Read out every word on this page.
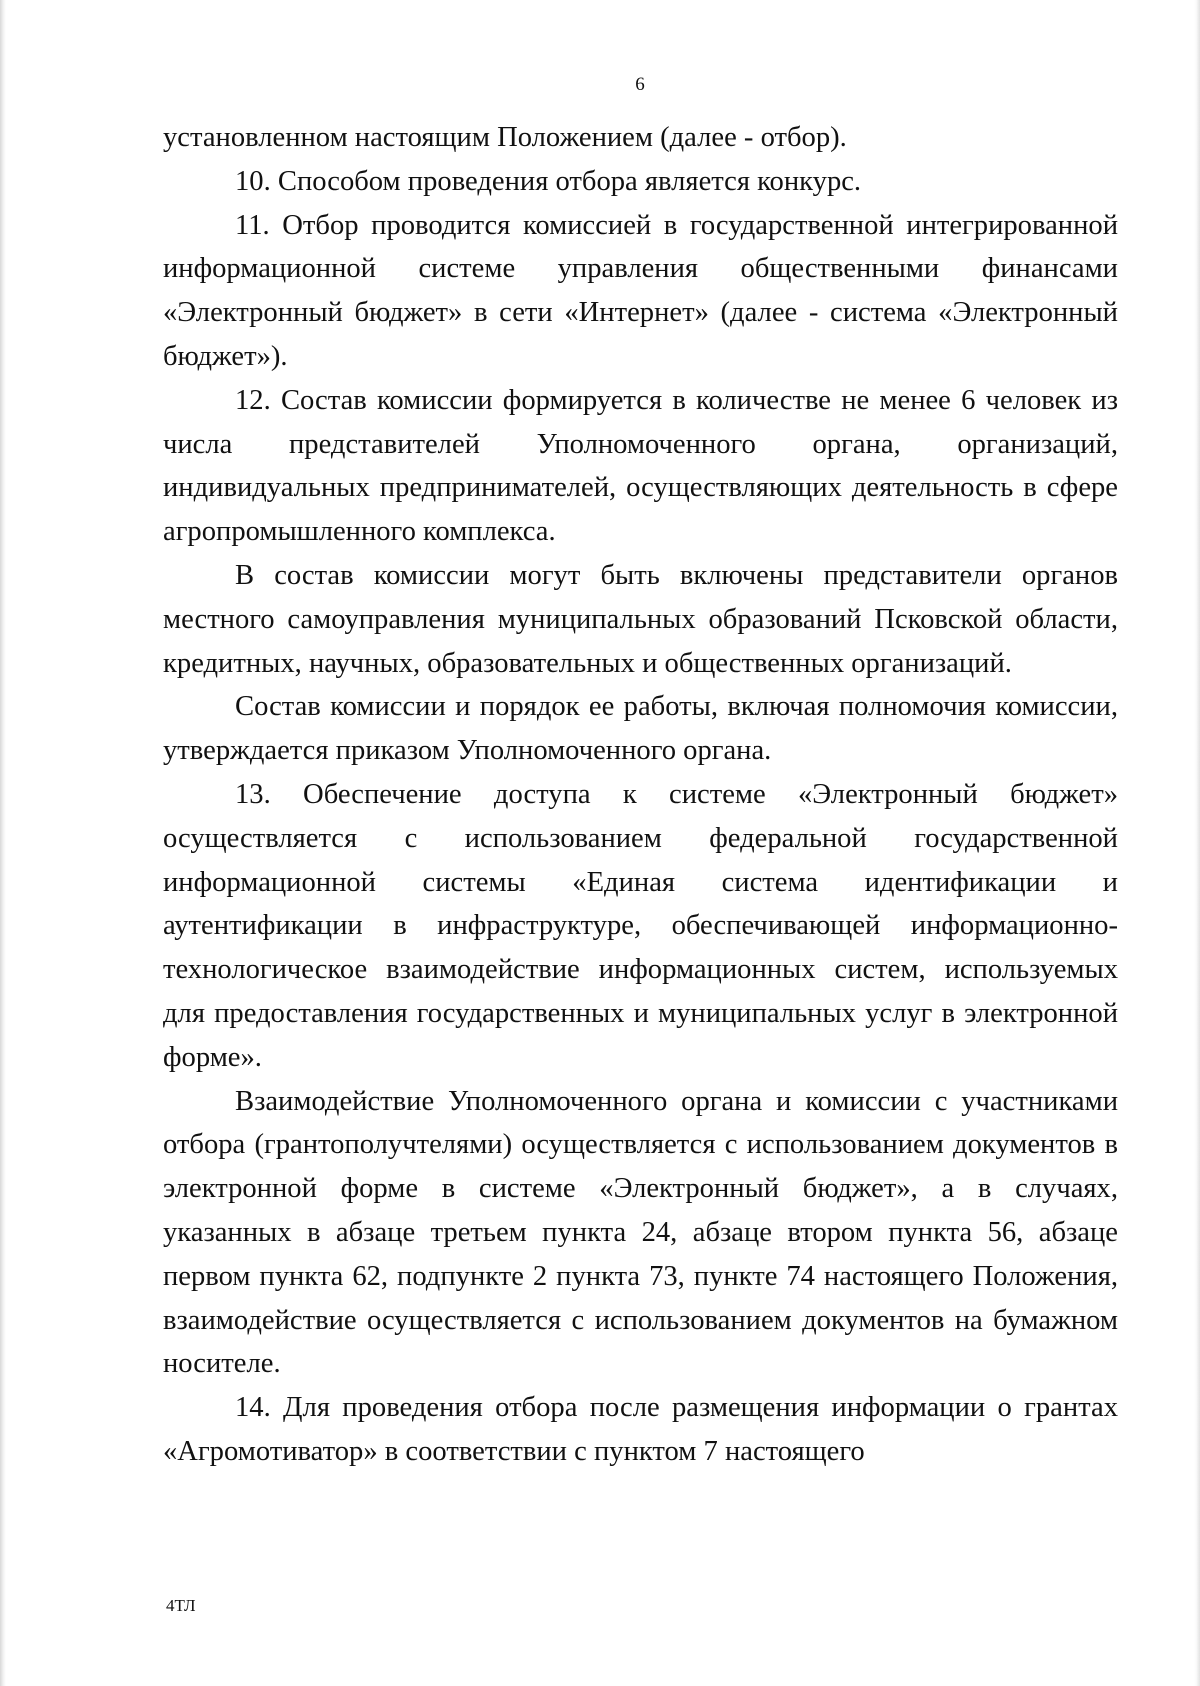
6

установленном настоящим Положением (далее - отбор).

10. Способом проведения отбора является конкурс.

11. Отбор проводится комиссией в государственной интегрированной информационной системе управления общественными финансами «Электронный бюджет» в сети «Интернет» (далее - система «Электронный бюджет»).

12. Состав комиссии формируется в количестве не менее 6 человек из числа представителей Уполномоченного органа, организаций, индивидуальных предпринимателей, осуществляющих деятельность в сфере агропромышленного комплекса.

В состав комиссии могут быть включены представители органов местного самоуправления муниципальных образований Псковской области, кредитных, научных, образовательных и общественных организаций.

Состав комиссии и порядок ее работы, включая полномочия комиссии, утверждается приказом Уполномоченного органа.

13. Обеспечение доступа к системе «Электронный бюджет» осуществляется с использованием федеральной государственной информационной системы «Единая система идентификации и аутентификации в инфраструктуре, обеспечивающей информационно-технологическое взаимодействие информационных систем, используемых для предоставления государственных и муниципальных услуг в электронной форме».

Взаимодействие Уполномоченного органа и комиссии с участниками отбора (грантополучтелями) осуществляется с использованием документов в электронной форме в системе «Электронный бюджет», а в случаях, указанных в абзаце третьем пункта 24, абзаце втором пункта 56, абзаце первом пункта 62, подпункте 2 пункта 73, пункте 74 настоящего Положения, взаимодействие осуществляется с использованием документов на бумажном носителе.

14. Для проведения отбора после размещения информации о грантах «Агромотиватор» в соответствии с пунктом 7 настоящего

4ТЛ
